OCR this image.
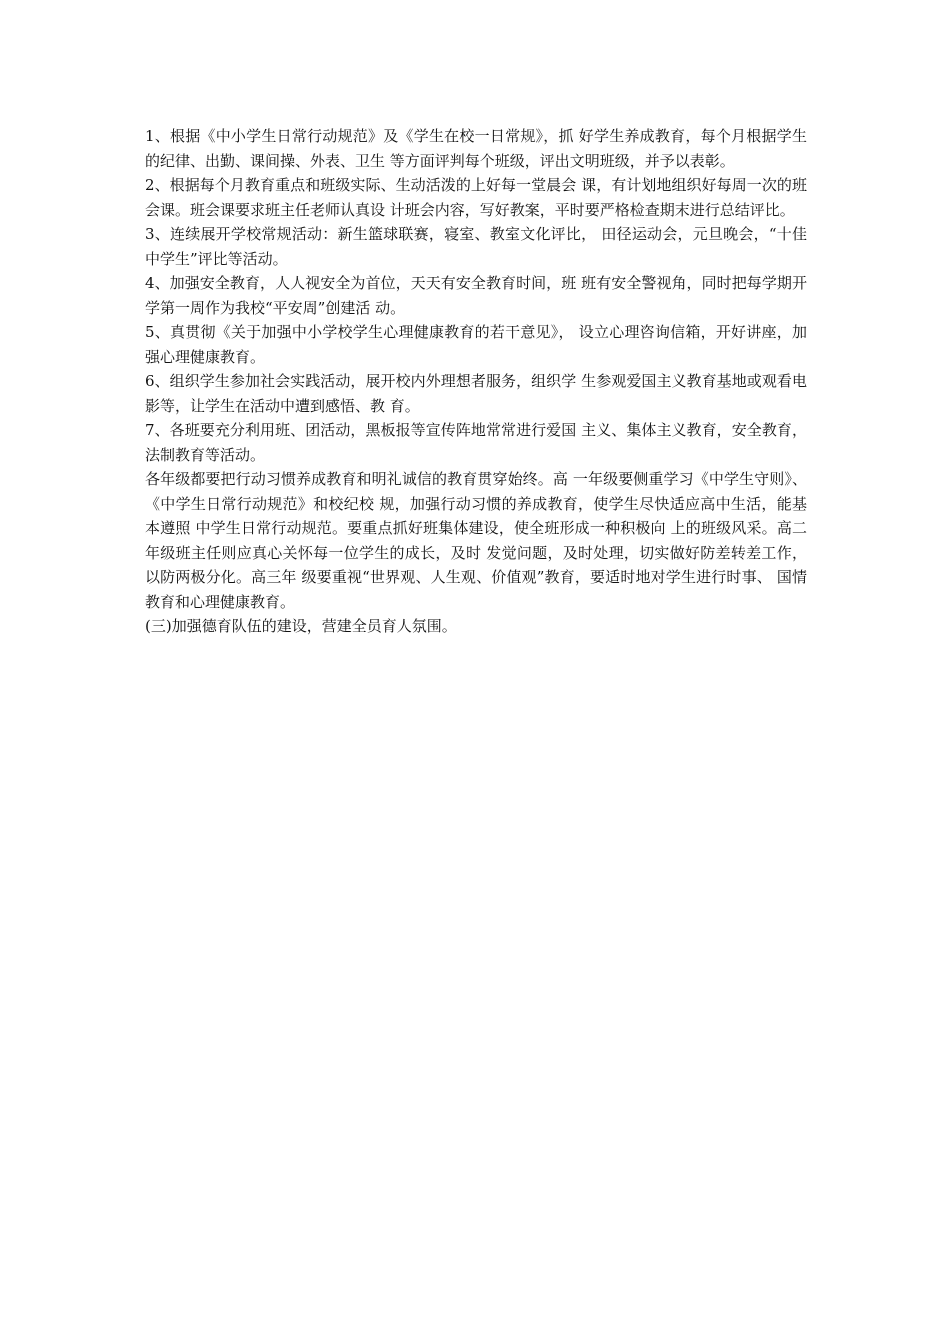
1、根据《中小学生日常行动规范》及《学生在校一日常规》，抓 好学生养成教育，每个月根据学生的纪律、出勤、课间操、外表、卫生 等方面评判每个班级，评出文明班级，并予以表彰。

2、根据每个月教育重点和班级实际、生动活泼的上好每一堂晨会 课，有计划地组织好每周一次的班会课。班会课要求班主任老师认真设 计班会内容，写好教案，平时要严格检查期末进行总结评比。

3、连续展开学校常规活动：新生篮球联赛，寝室、教室文化评比， 田径运动会，元旦晚会，“十佳中学生”评比等活动。

4、加强安全教育，人人视安全为首位，天天有安全教育时间，班 班有安全警视角，同时把每学期开学第一周作为我校“平安周”创建活 动。

5、真贯彻《关于加强中小学校学生心理健康教育的若干意见》， 设立心理咨询信箱，开好讲座，加强心理健康教育。

6、组织学生参加社会实践活动，展开校内外理想者服务，组织学 生参观爱国主义教育基地或观看电影等，让学生在活动中遭到感悟、教 育。

7、各班要充分利用班、团活动，黑板报等宣传阵地常常进行爱国 主义、集体主义教育，安全教育，法制教育等活动。

各年级都要把行动习惯养成教育和明礼诚信的教育贯穿始终。高 一年级要侧重学习《中学生守则》、《中学生日常行动规范》和校纪校 规，加强行动习惯的养成教育，使学生尽快适应高中生活，能基本遵照 中学生日常行动规范。要重点抓好班集体建设，使全班形成一种积极向 上的班级风采。高二年级班主任则应真心关怀每一位学生的成长，及时 发觉问题，及时处理，切实做好防差转差工作，以防两极分化。高三年 级要重视“世界观、人生观、价值观”教育，要适时地对学生进行时事、 国情教育和心理健康教育。

(三)加强德育队伍的建设，营建全员育人氛围。
